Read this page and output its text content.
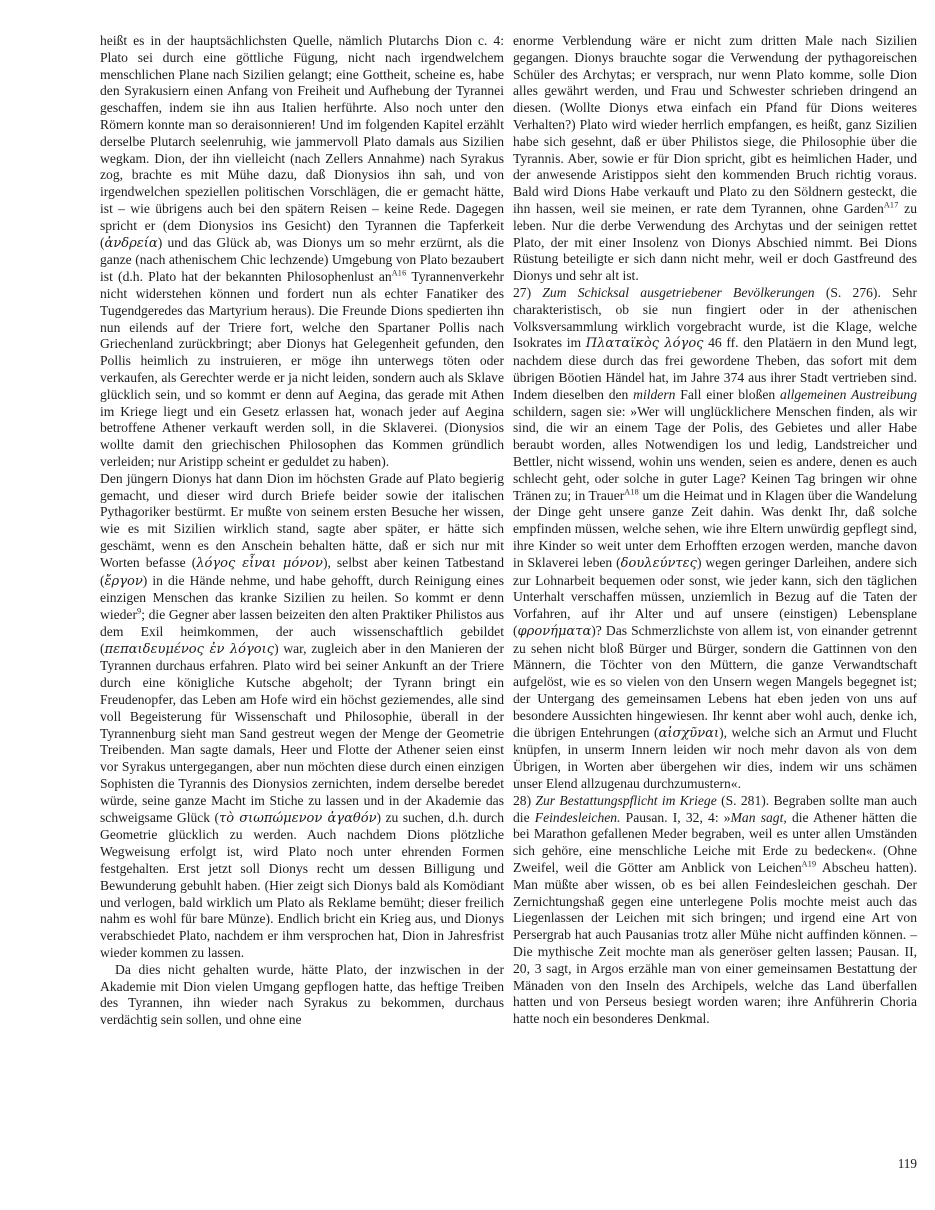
heißt es in der hauptsächlichsten Quelle, nämlich Plutarchs Dion c. 4: Plato sei durch eine göttliche Fügung, nicht nach irgendwelchem menschlichen Plane nach Sizilien gelangt; eine Gottheit, scheine es, habe den Syrakusiern einen Anfang von Freiheit und Aufhebung der Tyrannei geschaffen, indem sie ihn aus Italien herführte. Also noch unter den Römern konnte man so deraisonnieren! Und im folgenden Kapitel erzählt derselbe Plutarch seelenruhig, wie jammervoll Plato damals aus Sizilien wegkam. Dion, der ihn vielleicht (nach Zellers Annahme) nach Syrakus zog, brachte es mit Mühe dazu, daß Dionysios ihn sah, und von irgendwelchen speziellen politischen Vorschlägen, die er gemacht hätte, ist – wie übrigens auch bei den spätern Reisen – keine Rede. Dagegen spricht er (dem Dionysios ins Gesicht) den Tyrannen die Tapferkeit (ἀνδρεία) und das Glück ab, was Dionys um so mehr erzürnt, als die ganze (nach athenischem Chic lechzende) Umgebung von Plato bezaubert ist (d.h. Plato hat der bekannten Philosophenlust $an^{A16}$ Tyrannenverkehr nicht widerstehen können und fordert nun als echter Fanatiker des Tugendgeredes das Martyrium heraus). Die Freunde Dions spedierten ihn nun eilends auf der Triere fort, welche den Spartaner Pollis nach Griechenland zurückbringt; aber Dionys hat Gelegenheit gefunden, den Pollis heimlich zu instruieren, er möge ihn unterwegs töten oder verkaufen, als Gerechter werde er ja nicht leiden, sondern auch als Sklave glücklich sein, und so kommt er denn auf Aegina, das gerade mit Athen im Kriege liegt und ein Gesetz erlassen hat, wonach jeder auf Aegina betroffene Athener verkauft werden soll, in die Sklaverei. (Dionysios wollte damit den griechischen Philosophen das Kommen gründlich verleiden; nur Aristipp scheint er geduldet zu haben).

Den jüngern Dionys hat dann Dion im höchsten Grade auf Plato begierig gemacht, und dieser wird durch Briefe beider sowie der italischen Pythagoriker bestürmt. Er mußte von seinem ersten Besuche her wissen, wie es mit Sizilien wirklich stand, sagte aber später, er hätte sich geschämt, wenn es den Anschein behalten hätte, daß er sich nur mit Worten befasse (λόγος εἶναι μόνον), selbst aber keinen Tatbestand (ἔργον) in die Hände nehme, und habe gehofft, durch Reinigung eines einzigen Menschen das kranke Sizilien zu heilen. So kommt er denn wieder$^9$; die Gegner aber lassen beizeiten den alten Praktiker Philistos aus dem Exil heimkommen, der auch wissenschaftlich gebildet (πεπαιδευμένος ἐν λόγοις) war, zugleich aber in den Manieren der Tyrannen durchaus erfahren. Plato wird bei seiner Ankunft an der Triere durch eine königliche Kutsche abgeholt; der Tyrann bringt ein Freudenopfer, das Leben am Hofe wird ein höchst geziemendes, alle sind voll Begeisterung für Wissenschaft und Philosophie, überall in der Tyrannenburg sieht man Sand gestreut wegen der Menge der Geometrie Treibenden. Man sagte damals, Heer und Flotte der Athener seien einst vor Syrakus untergegangen, aber nun möchten diese durch einen einzigen Sophisten die Tyrannis des Dionysios zernichten, indem derselbe beredet würde, seine ganze Macht im Stiche zu lassen und in der Akademie das schweigsame Glück (τὸ σιωπώμενον ἀγαθόν) zu suchen, d.h. durch Geometrie glücklich zu werden. Auch nachdem Dions plötzliche Wegweisung erfolgt ist, wird Plato noch unter ehrenden Formen festgehalten. Erst jetzt soll Dionys recht um dessen Billigung und Bewunderung gebuhlt haben. (Hier zeigt sich Dionys bald als Komödiant und verlogen, bald wirklich um Plato als Reklame bemüht; dieser freilich nahm es wohl für bare Münze). Endlich bricht ein Krieg aus, und Dionys verabschiedet Plato, nachdem er ihm versprochen hat, Dion in Jahresfrist wieder kommen zu lassen.

Da dies nicht gehalten wurde, hätte Plato, der inzwischen in der Akademie mit Dion vielen Umgang gepflogen hatte, das heftige Treiben des Tyrannen, ihn wieder nach Syrakus zu bekommen, durchaus verdächtig sein sollen, und ohne eine

enorme Verblendung wäre er nicht zum dritten Male nach Sizilien gegangen. Dionys brauchte sogar die Verwendung der pythagoreischen Schüler des Archytas; er versprach, nur wenn Plato komme, solle Dion alles gewährt werden, und Frau und Schwester schrieben dringend an diesen. (Wollte Dionys etwa einfach ein Pfand für Dions weiteres Verhalten?) Plato wird wieder herrlich empfangen, es heißt, ganz Sizilien habe sich gesehnt, daß er über Philistos siege, die Philosophie über die Tyrannis. Aber, sowie er für Dion spricht, gibt es heimlichen Hader, und der anwesende Aristippos sieht den kommenden Bruch richtig voraus. Bald wird Dions Habe verkauft und Plato zu den Söldnern gesteckt, die ihn hassen, weil sie meinen, er rate dem Tyrannen, ohne Garden$^{A17}$ zu leben. Nur die derbe Verwendung des Archytas und der seinigen rettet Plato, der mit einer Insolenz von Dionys Abschied nimmt. Bei Dions Rüstung beteiligte er sich dann nicht mehr, weil er doch Gastfreund des Dionys und sehr alt ist.

27) Zum Schicksal ausgetriebener Bevölkerungen (S. 276). Sehr charakteristisch, ob sie nun fingiert oder in der athenischen Volksversammlung wirklich vorgebracht wurde, ist die Klage, welche Isokrates im Πλαταϊκὸς λόγος 46 ff. den Platäern in den Mund legt, nachdem diese durch das frei gewordene Theben, das sofort mit dem übrigen Böotien Händel hat, im Jahre 374 aus ihrer Stadt vertrieben sind. Indem dieselben den mildern Fall einer bloßen allgemeinen Austreibung schildern, sagen sie: »Wer will unglücklichere Menschen finden, als wir sind, die wir an einem Tage der Polis, des Gebietes und aller Habe beraubt worden, alles Notwendigen los und ledig, Landstreicher und Bettler, nicht wissend, wohin uns wenden, seien es andere, denen es auch schlecht geht, oder solche in guter Lage? Keinen Tag bringen wir ohne Tränen zu; in Trauer$^{A18}$ um die Heimat und in Klagen über die Wandelung der Dinge geht unsere ganze Zeit dahin. Was denkt Ihr, daß solche empfinden müssen, welche sehen, wie ihre Eltern unwürdig gepflegt sind, ihre Kinder so weit unter dem Erhofften erzogen werden, manche davon in Sklaverei leben (δουλεύντες) wegen geringer Darleihen, andere sich zur Lohnarbeit bequemen oder sonst, wie jeder kann, sich den täglichen Unterhalt verschaffen müssen, unziemlich in Bezug auf die Taten der Vorfahren, auf ihr Alter und auf unsere (einstigen) Lebensplane (φρονήματα)? Das Schmerzlichste von allem ist, von einander getrennt zu sehen nicht bloß Bürger und Bürger, sondern die Gattinnen von den Männern, die Töchter von den Müttern, die ganze Verwandtschaft aufgelöst, wie es so vielen von den Unsern wegen Mangels begegnet ist; der Untergang des gemeinsamen Lebens hat eben jeden von uns auf besondere Aussichten hingewiesen. Ihr kennt aber wohl auch, denke ich, die übrigen Entehrungen (αἰσχῦναι), welche sich an Armut und Flucht knüpfen, in unserm Innern leiden wir noch mehr davon als von dem Übrigen, in Worten aber übergehen wir dies, indem wir uns schämen unser Elend allzugenau durchzumustern«.

28) Zur Bestattungspflicht im Kriege (S. 281). Begraben sollte man auch die Feindesleichen. Pausan. I, 32, 4: »Man sagt, die Athener hätten die bei Marathon gefallenen Meder begraben, weil es unter allen Umständen sich gehöre, eine menschliche Leiche mit Erde zu bedecken«. (Ohne Zweifel, weil die Götter am Anblick von Leichen$^{A19}$ Abscheu hatten). Man müßte aber wissen, ob es bei allen Feindesleichen geschah. Der Zernichtungshaß gegen eine unterlegene Polis mochte meist auch das Liegenlassen der Leichen mit sich bringen; und irgend eine Art von Persergrab hat auch Pausanias trotz aller Mühe nicht auffinden können. – Die mythische Zeit mochte man als generöser gelten lassen; Pausan. II, 20, 3 sagt, in Argos erzähle man von einer gemeinsamen Bestattung der Mänaden von den Inseln des Archipels, welche das Land überfallen hatten und von Perseus besiegt worden waren; ihre Anführerin Choria hatte noch ein besonderes Denkmal.

119
